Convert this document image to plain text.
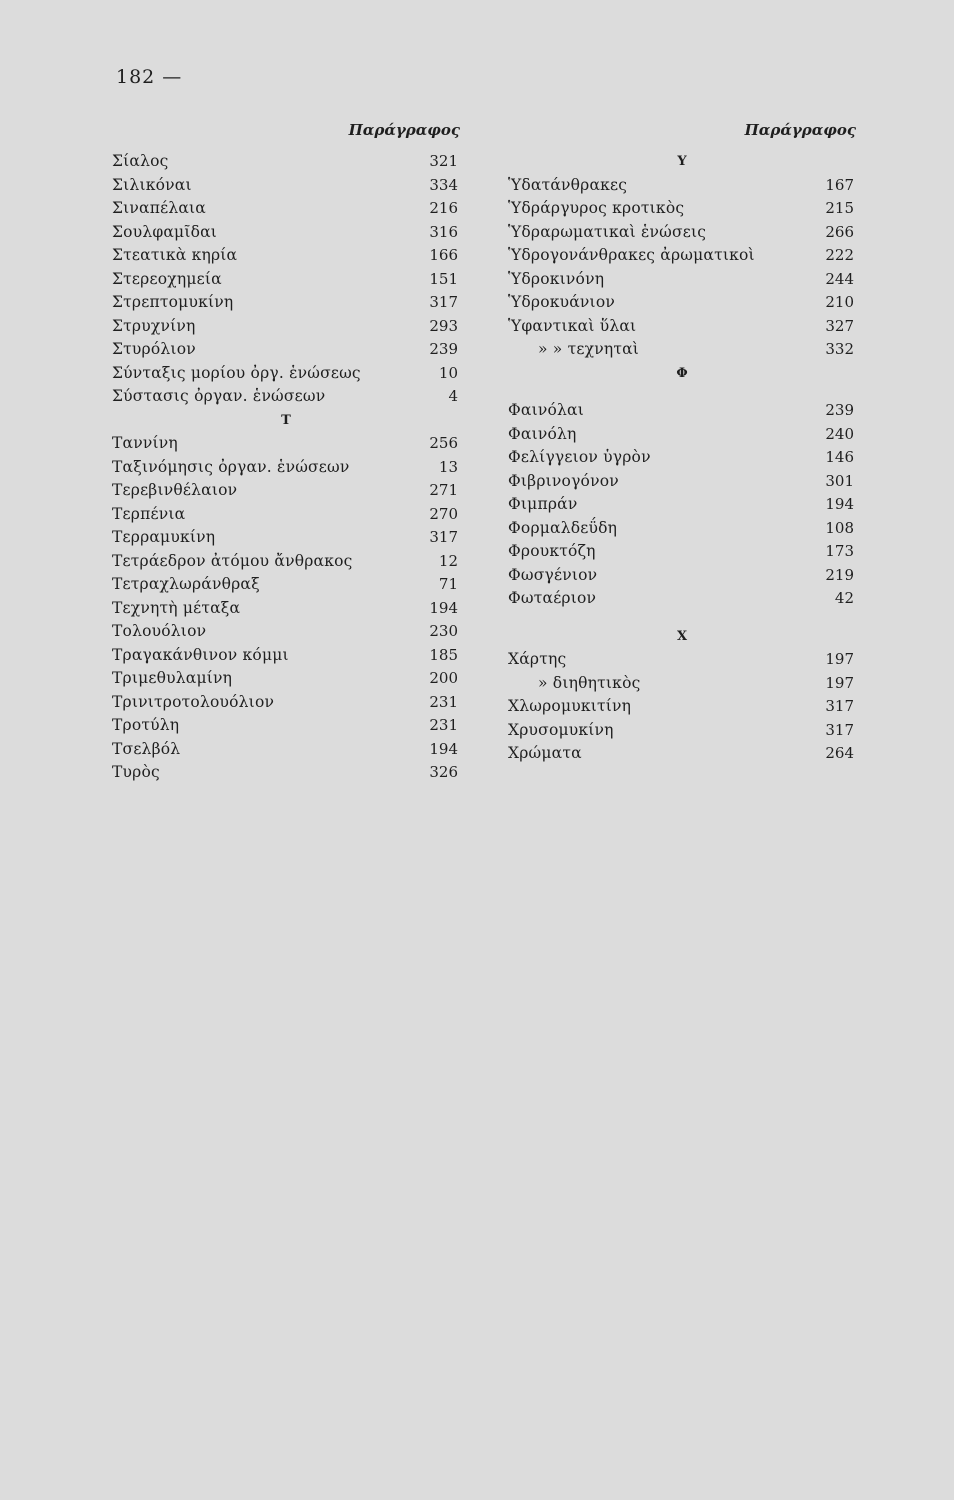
182 —
Παράγραφος
Σίαλος	321
Σιλικόναι	334
Σιναπέλαια	216
Σουλφαμῖδαι	316
Στεατικὰ κηρία	166
Στερεοχημεία	151
Στρεπτομυκίνη	317
Στρυχνίνη	293
Στυρόλιον	239
Σύνταξις μορίου ὀργ. ἑνώσεως	10
Σύστασις ὀργαν. ἑνώσεων	4
Τ
Ταννίνη	256
Ταξινόμησις ὀργαν. ἑνώσεων	13
Τερεβινθέλαιον	271
Τερπένια	270
Τερραμυκίνη	317
Τετράεδρον ἀτόμου ἄνθρακος	12
Τετραχλωράνθραξ	71
Τεχνητὴ μέταξα	194
Τολουόλιον	230
Τραγακάνθινον κόμμι	185
Τριμεθυλαμίνη	200
Τρινιτροτολουόλιον	231
Τροτύλη	231
Τσελβόλ	194
Τυρὸς	326
Παράγραφος
Υ
Ὑδατάνθρακες	167
Ὑδράργυρος κροτικὸς	215
Ὑδραρωματικαὶ ἑνώσεις	266
Ὑδρογονάνθρακες ἀρωματικοὶ	222
Ὑδροκινόνη	244
Ὑδροκυάνιον	210
Ὑφαντικαὶ ὕλαι	327
» » τεχνηταὶ	332
Φ
Φαινόλαι	239
Φαινόλη	240
Φελίγγειον ὑγρὸν	146
Φιβρινογόνον	301
Φιμπράν	194
Φορμαλδεΰδη	108
Φρουκτόζη	173
Φωσγένιον	219
Φωταέριον	42
Χ
Χάρτης	197
» διηθητικὸς	197
Χλωρομυκιτίνη	317
Χρυσομυκίνη	317
Χρώματα	264
